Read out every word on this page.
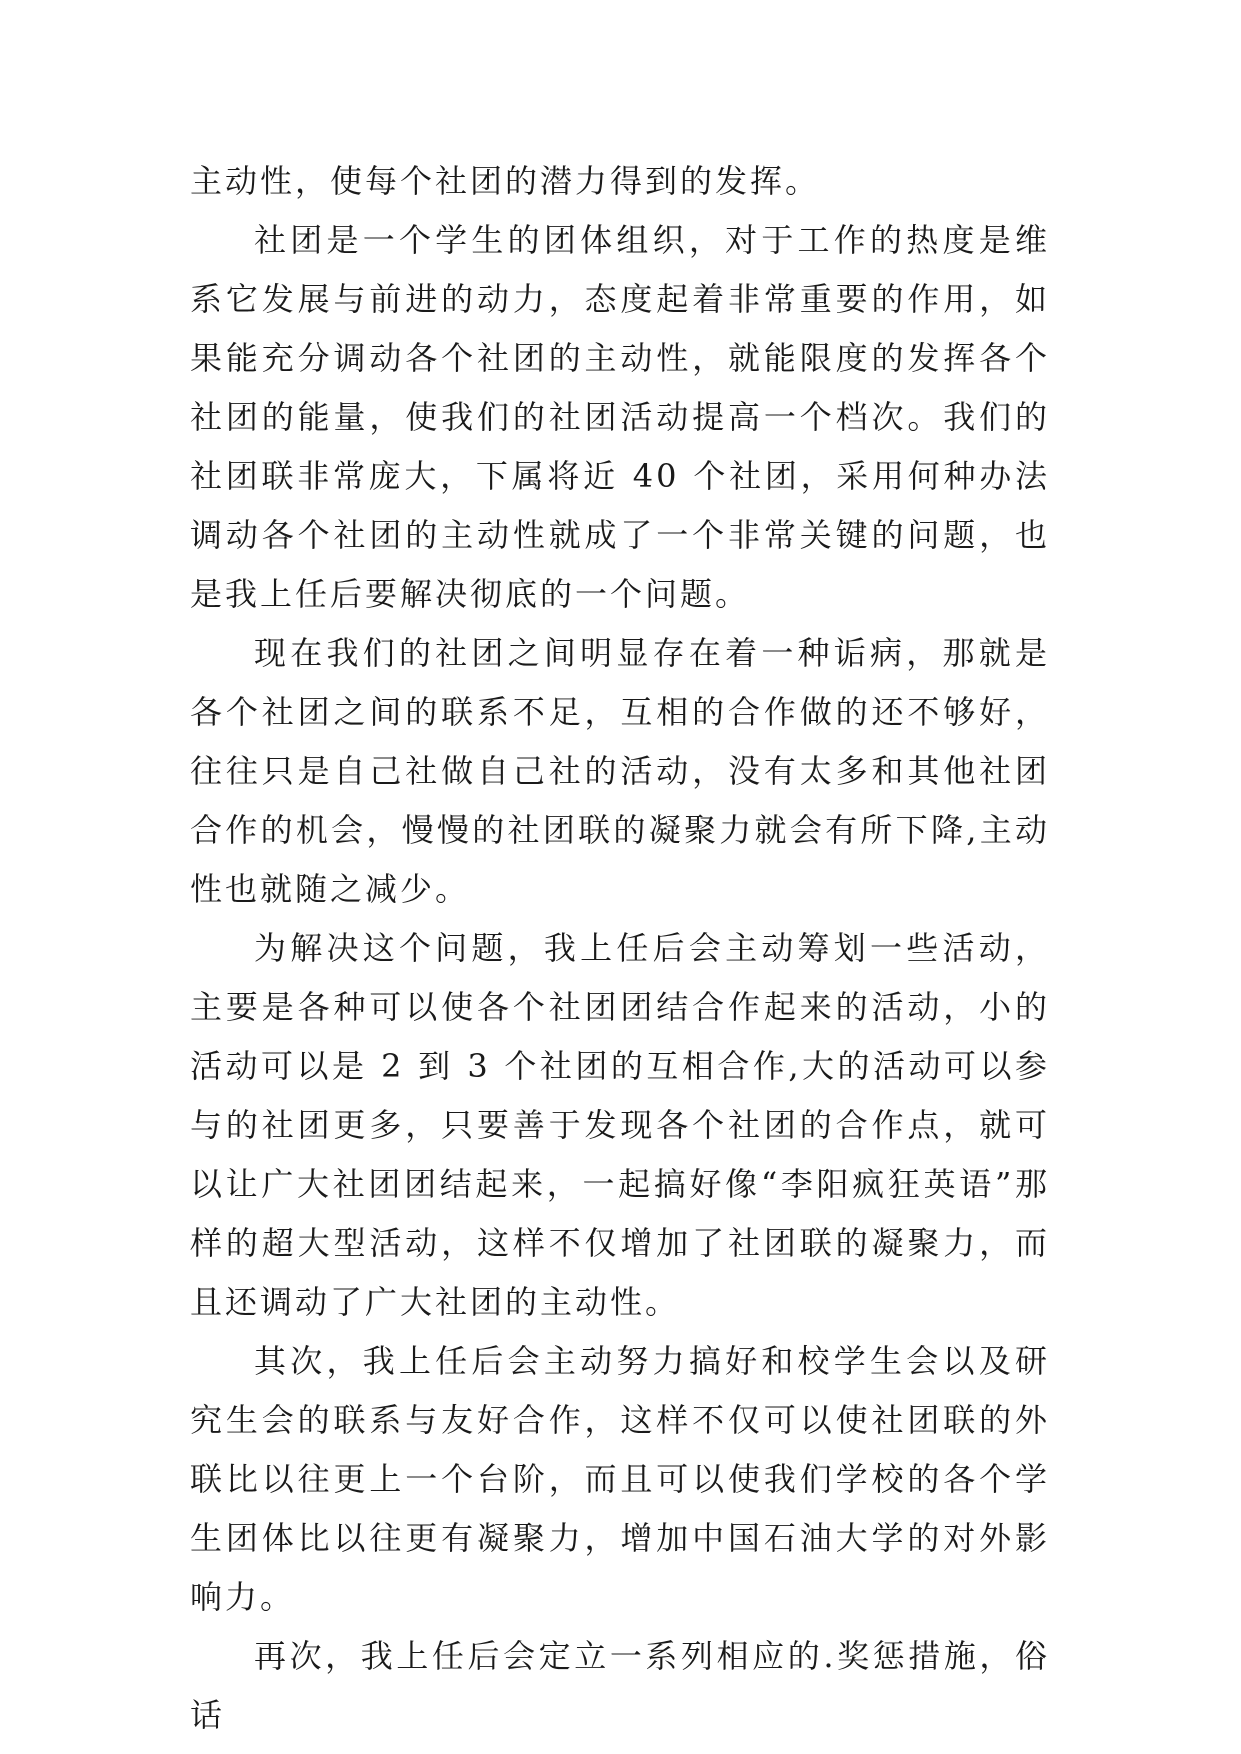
主动性，使每个社团的潜力得到的发挥。

社团是一个学生的团体组织，对于工作的热度是维系它发展与前进的动力，态度起着非常重要的作用，如果能充分调动各个社团的主动性，就能限度的发挥各个社团的能量，使我们的社团活动提高一个档次。我们的社团联非常庞大，下属将近 40 个社团，采用何种办法调动各个社团的主动性就成了一个非常关键的问题，也是我上任后要解决彻底的一个问题。

现在我们的社团之间明显存在着一种诟病，那就是各个社团之间的联系不足，互相的合作做的还不够好，往往只是自己社做自己社的活动，没有太多和其他社团合作的机会，慢慢的社团联的凝聚力就会有所下降,主动性也就随之减少。

为解决这个问题，我上任后会主动筹划一些活动，主要是各种可以使各个社团团结合作起来的活动，小的活动可以是 2 到 3 个社团的互相合作,大的活动可以参与的社团更多，只要善于发现各个社团的合作点，就可以让广大社团团结起来，一起搞好像“李阳疯狂英语”那样的超大型活动，这样不仅增加了社团联的凝聚力，而且还调动了广大社团的主动性。

其次，我上任后会主动努力搞好和校学生会以及研究生会的联系与友好合作，这样不仅可以使社团联的外联比以往更上一个台阶，而且可以使我们学校的各个学生团体比以往更有凝聚力，增加中国石油大学的对外影响力。

再次，我上任后会定立一系列相应的.奖惩措施，俗话
